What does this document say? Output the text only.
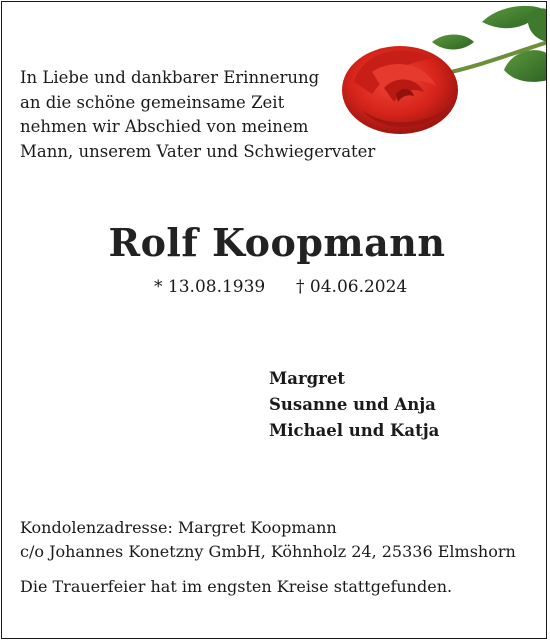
In Liebe und dankbarer Erinnerung
an die schöne gemeinsame Zeit
nehmen wir Abschied von meinem
Mann, unserem Vater und Schwiegervater
Rolf Koopmann
* 13.08.1939 † 04.06.2024
Margret
Susanne und Anja
Michael und Katja
Kondolenzadresse: Margret Koopmann
c/o Johannes Konetzny GmbH, Köhnholz 24, 25336 Elmshorn
Die Trauerfeier hat im engsten Kreise stattgefunden.
